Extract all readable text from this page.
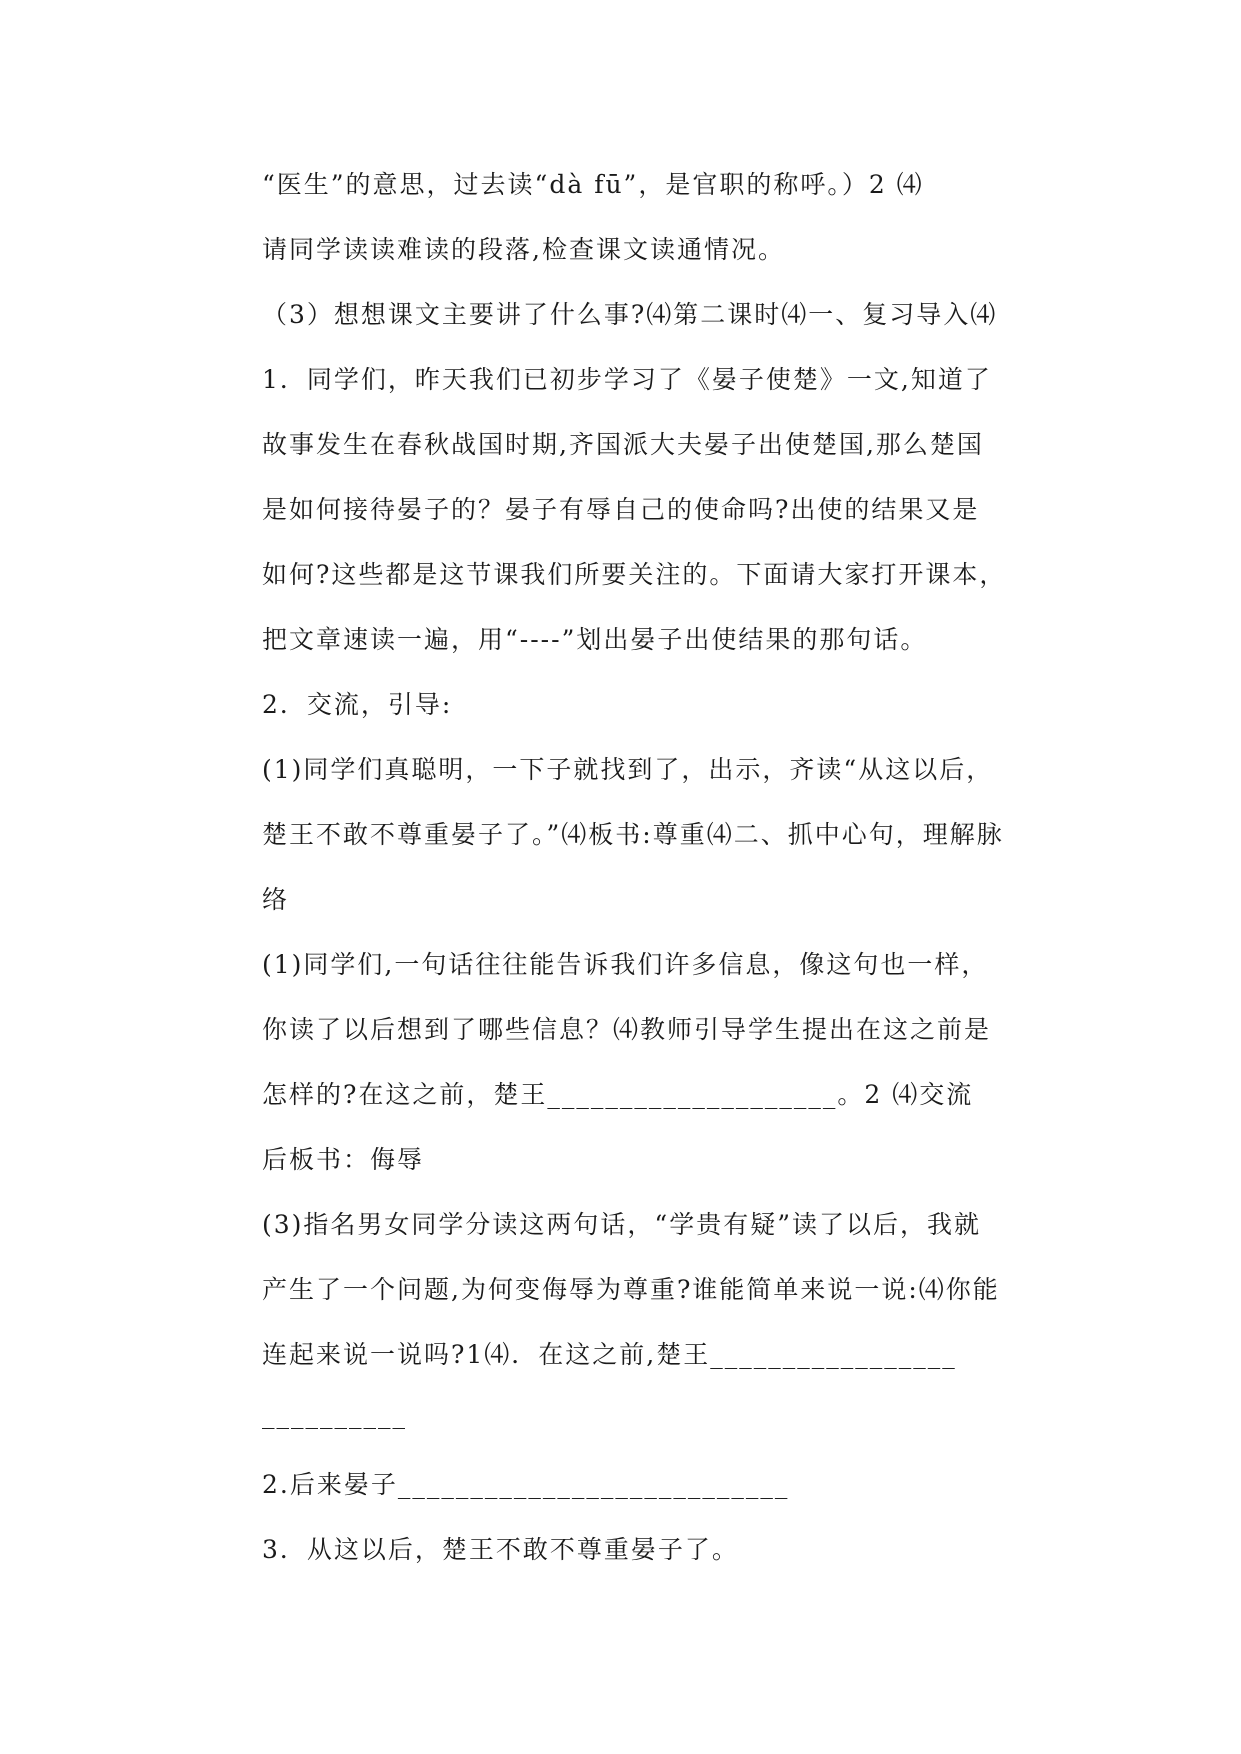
“医生”的意思，过去读“dà fū”，是官职的称呼。）2 ⑷
请同学读读难读的段落,检查课文读通情况。
（3）想想课文主要讲了什么事?⑷第二课时⑷一、复习导入⑷
1．同学们，昨天我们已初步学习了《晏子使楚》一文,知道了
故事发生在春秋战国时期,齐国派大夫晏子出使楚国,那么楚国
是如何接待晏子的？晏子有辱自己的使命吗?出使的结果又是
如何?这些都是这节课我们所要关注的。下面请大家打开课本，
把文章速读一遍，用“----”划出晏子出使结果的那句话。
2．交流，引导:
(1)同学们真聪明，一下子就找到了，出示，齐读“从这以后，
楚王不敢不尊重晏子了。”⑷板书:尊重⑷二、抓中心句，理解脉
络
(1)同学们,一句话往往能告诉我们许多信息，像这句也一样，
你读了以后想到了哪些信息？⑷教师引导学生提出在这之前是
怎样的?在这之前，楚王____________________。2 ⑷交流
后板书：侮辱
(3)指名男女同学分读这两句话，“学贵有疑”读了以后，我就
产生了一个问题,为何变侮辱为尊重?谁能简单来说一说:⑷你能
连起来说一说吗?1⑷．在这之前,楚王_________________
__________
2.后来晏子___________________________
3．从这以后，楚王不敢不尊重晏子了。
